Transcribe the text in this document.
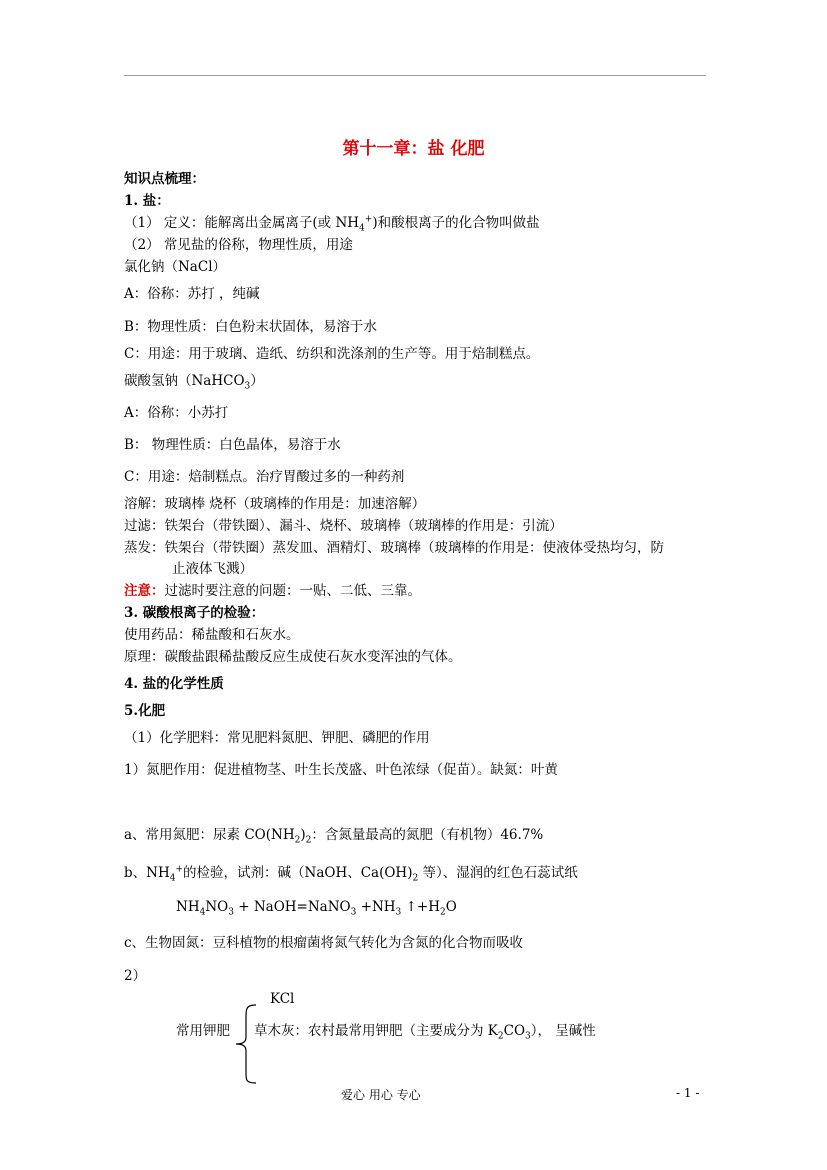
第十一章：盐 化肥
知识点梳理：
1. 盐：
（1） 定义：能解离出金属离子(或 $NH_4^+$)和酸根离子的化合物叫做盐
（2） 常见盐的俗称，物理性质，用途
氯化钠（NaCl）
A：俗称：苏打 ，纯碱
B：物理性质：白色粉末状固体，易溶于水
C：用途：用于玻璃、造纸、纺织和洗涤剂的生产等。用于焙制糕点。
碳酸氢钠（NaHCO$_3$）
A：俗称：小苏打
B： 物理性质：白色晶体，易溶于水
C：用途：焙制糕点。治疗胃酸过多的一种药剂
溶解：玻璃棒 烧杯（玻璃棒的作用是：加速溶解）
过滤：铁架台（带铁圈）、漏斗、烧杯、玻璃棒（玻璃棒的作用是：引流）
蒸发：铁架台（带铁圈）蒸发皿、酒精灯、玻璃棒（玻璃棒的作用是：使液体受热均匀，防
止液体飞溅）
注意：过滤时要注意的问题：一贴、二低、三靠。
3. 碳酸根离子的检验：
使用药品：稀盐酸和石灰水。
原理：碳酸盐跟稀盐酸反应生成使石灰水变浑浊的气体。
4. 盐的化学性质
5.化肥
（1）化学肥料：常见肥料氮肥、钾肥、磷肥的作用
1）氮肥作用：促进植物茎、叶生长茂盛、叶色浓绿（促苗）。缺氮：叶黄
a、常用氮肥：尿素 $CO(NH_2)_2$：含氮量最高的氮肥（有机物）46.7%
b、$NH_4^+$的检验，试剂：碱（NaOH、$Ca(OH)_2$ 等）、湿润的红色石蕊试纸
$NH_4NO_3$ + NaOH=NaNO$_3$ $+NH_3$ $↑+H_2O$
c、生物固氮：豆科植物的根瘤菌将氮气转化为含氮的化合物而吸收
2）
KCl
常用钾肥 草木灰：农村最常用钾肥（主要成分为 $K_2CO_3$）， 呈碱性
爱心 用心 专心	- 1 -
